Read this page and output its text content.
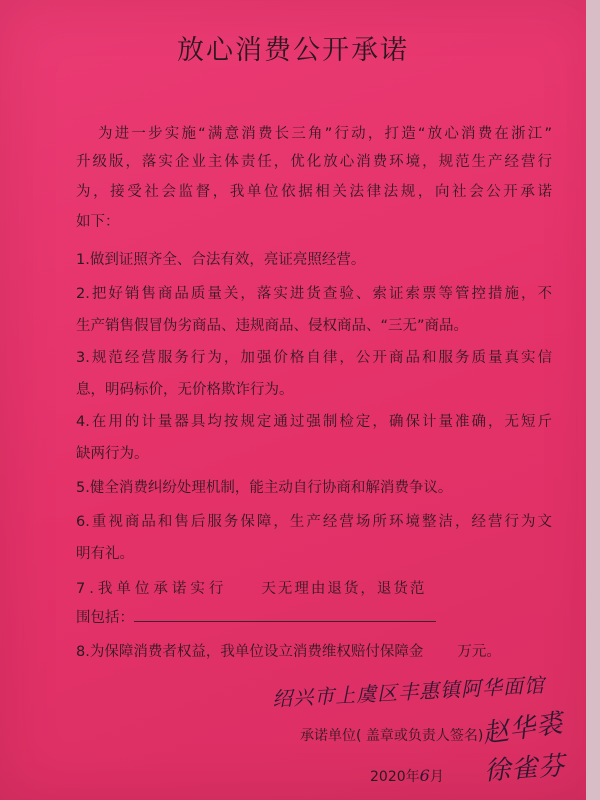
放心消费公开承诺
为进一步实施“满意消费长三角”行动，打造“放心消费在浙江”
升级版，落实企业主体责任，优化放心消费环境，规范生产经营行
为，接受社会监督，我单位依据相关法律法规，向社会公开承诺
如下：
1.做到证照齐全、合法有效，亮证亮照经营。
2.把好销售商品质量关，落实进货查验、索证索票等管控措施，不
生产销售假冒伪劣商品、违规商品、侵权商品、“三无”商品。
3.规范经营服务行为，加强价格自律，公开商品和服务质量真实信
息，明码标价，无价格欺诈行为。
4.在用的计量器具均按规定通过强制检定，确保计量准确，无短斤
缺两行为。
5.健全消费纠纷处理机制，能主动自行协商和解消费争议。
6.重视商品和售后服务保障，生产经营场所环境整洁，经营行为文
明有礼。
7.我单位承诺实行 天无理由退货，退货范
围包括：
8.为保障消费者权益，我单位设立消费维权赔付保障金 万元。
绍兴市上虞区丰惠镇阿华面馆
承诺单位( 盖章或负责人签名)
赵华裘
徐雀芬
2020年6月
